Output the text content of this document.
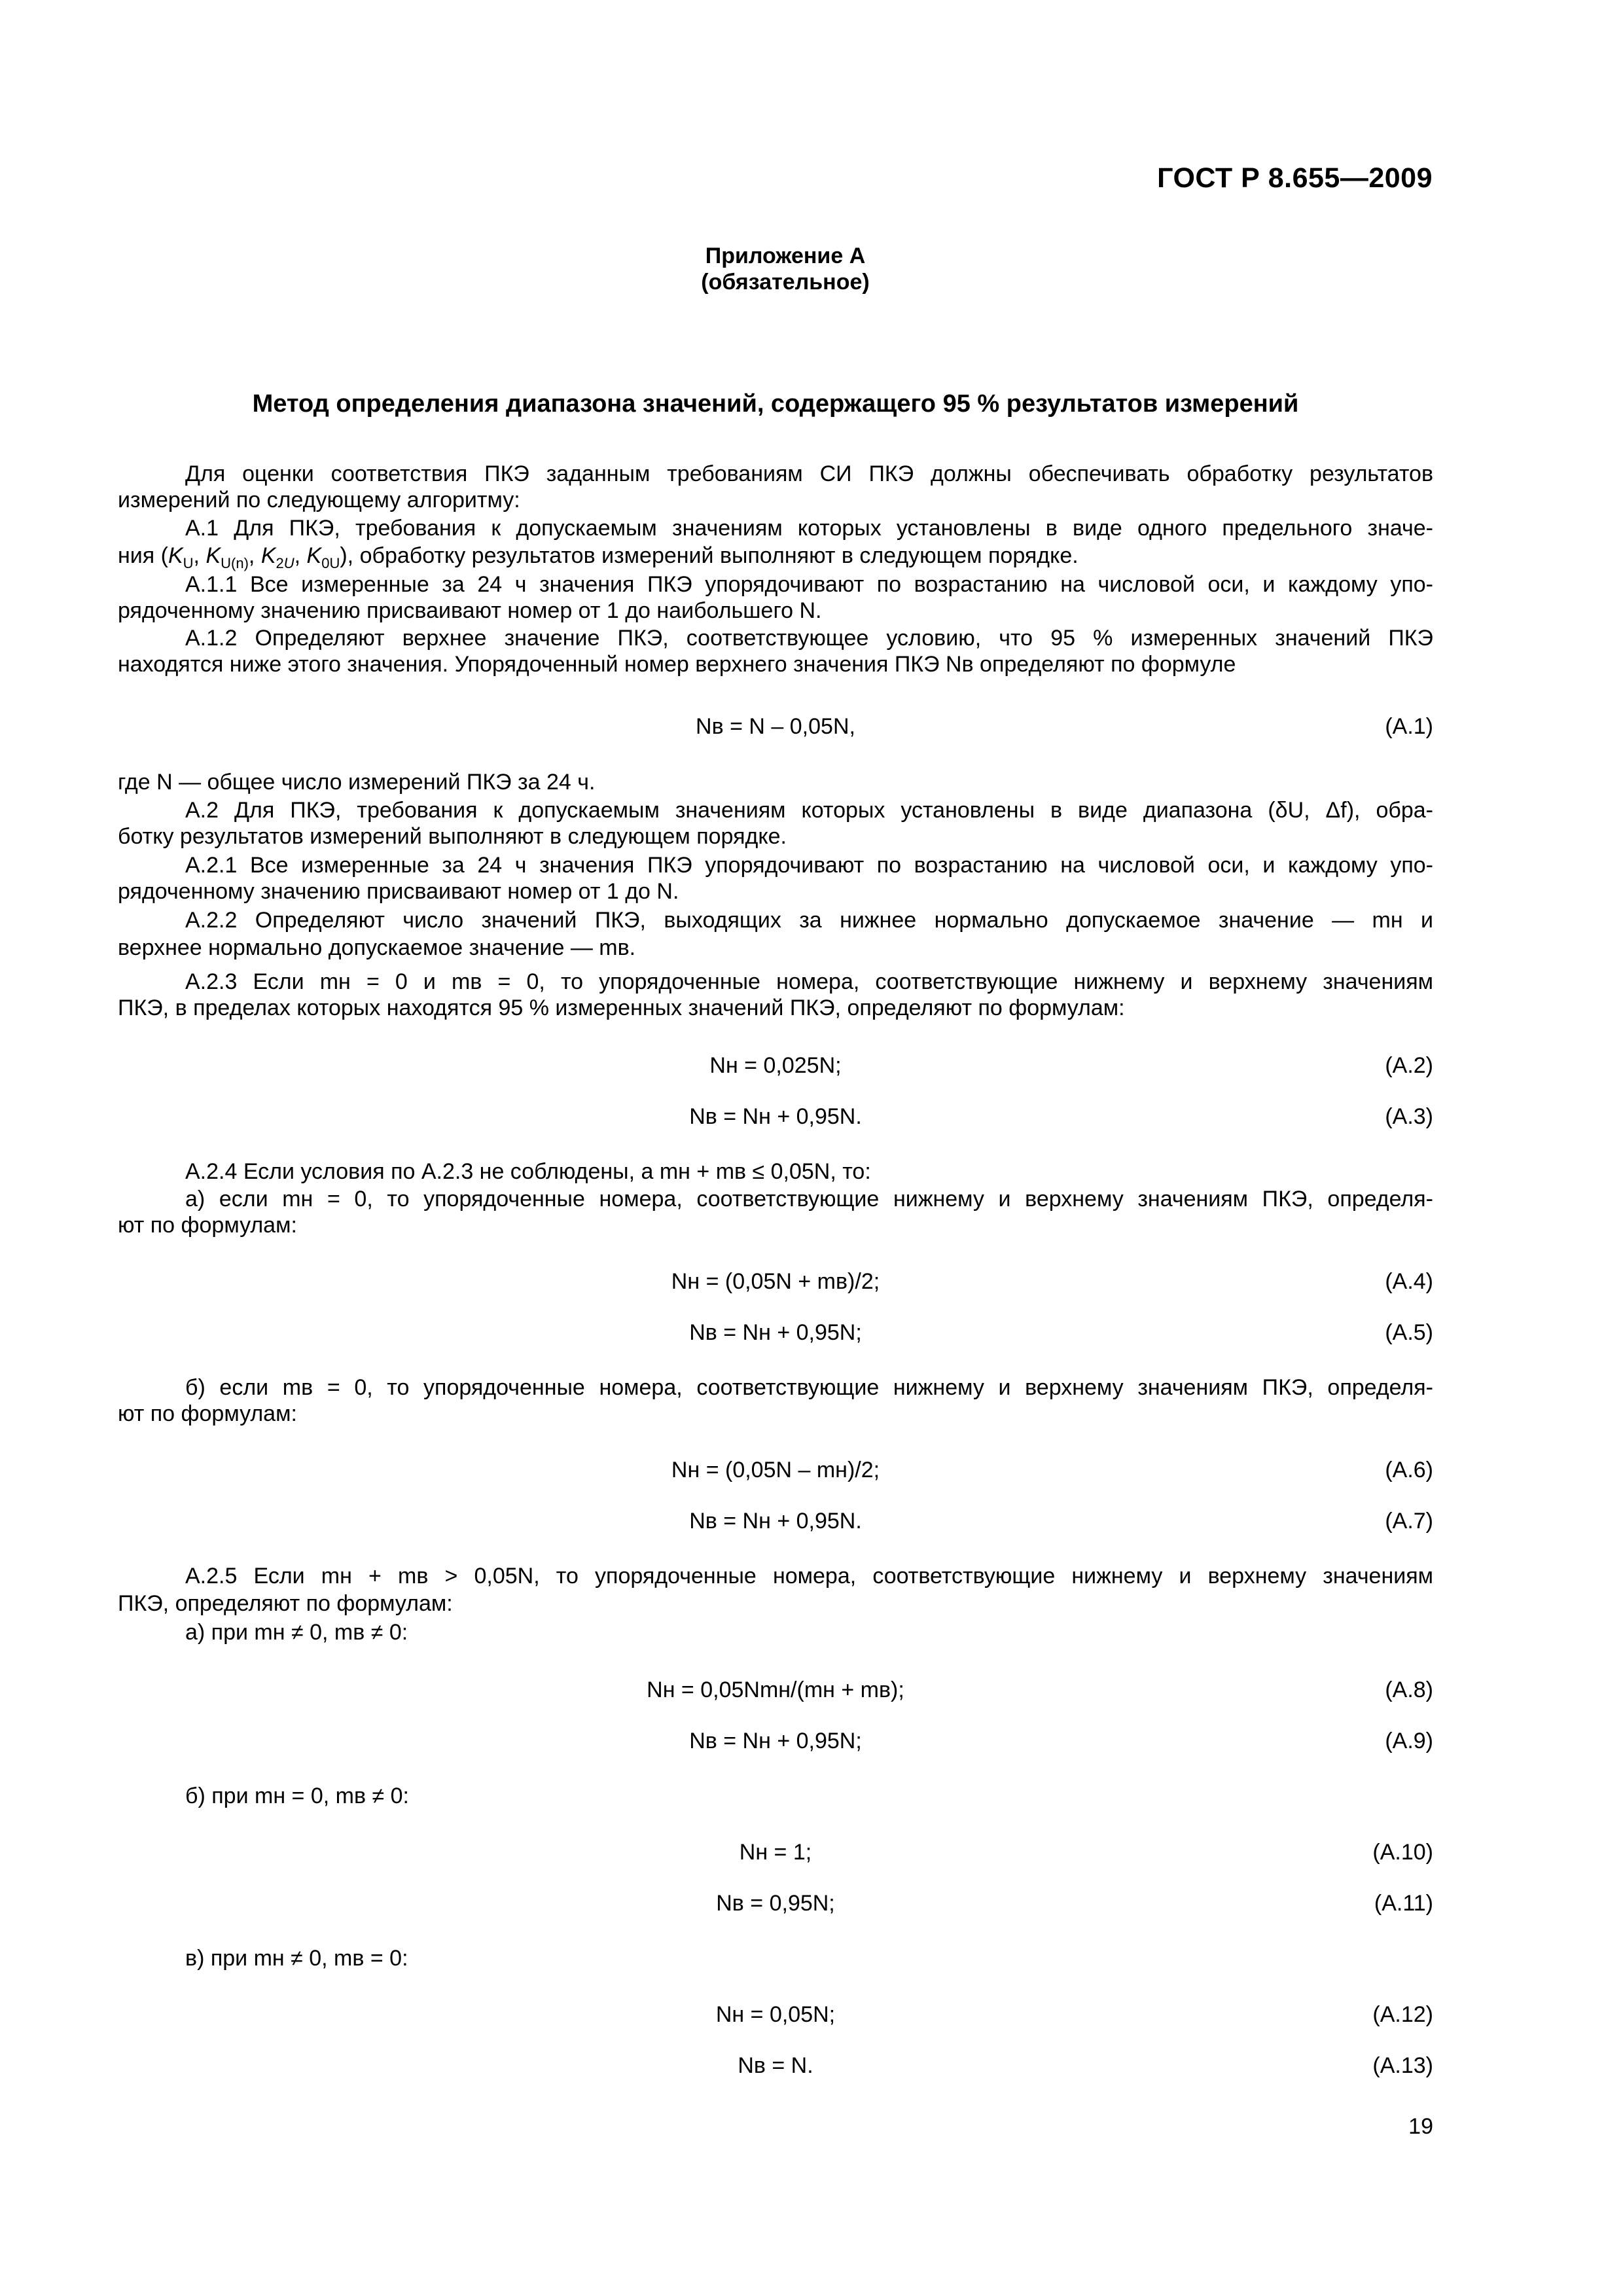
ГОСТ Р 8.655—2009
Приложение А
(обязательное)
Метод определения диапазона значений, содержащего 95 % результатов измерений
Для оценки соответствия ПКЭ заданным требованиям СИ ПКЭ должны обеспечивать обработку результатов
измерений по следующему алгоритму:
А.1 Для ПКЭ, требования к допускаемым значениям которых установлены в виде одного предельного значе-
ния ($K_U$, $K_{U(n)}$, $K_{2U}$, $K_{0U}$), обработку результатов измерений выполняют в следующем порядке.
А.1.1 Все измеренные за 24 ч значения ПКЭ упорядочивают по возрастанию на числовой оси, и каждому упо-
рядоченному значению присваивают номер от 1 до наибольшего N.
А.1.2 Определяют верхнее значение ПКЭ, соответствующее условию, что 95 % измеренных значений ПКЭ
находятся ниже этого значения. Упорядоченный номер верхнего значения ПКЭ Nв определяют по формуле
Nв = N – 0,05N,	(А.1)
где N — общее число измерений ПКЭ за 24 ч.
А.2 Для ПКЭ, требования к допускаемым значениям которых установлены в виде диапазона (δU, Δf), обра-
ботку результатов измерений выполняют в следующем порядке.
А.2.1 Все измеренные за 24 ч значения ПКЭ упорядочивают по возрастанию на числовой оси, и каждому упо-
рядоченному значению присваивают номер от 1 до N.
А.2.2 Определяют число значений ПКЭ, выходящих за нижнее нормально допускаемое значение — mн и
верхнее нормально допускаемое значение — mв.
А.2.3 Если mн = 0 и mв = 0, то упорядоченные номера, соответствующие нижнему и верхнему значениям
ПКЭ, в пределах которых находятся 95 % измеренных значений ПКЭ, определяют по формулам:
Nн = 0,025N;	(А.2)
Nв = Nн + 0,95N.	(А.3)
А.2.4 Если условия по А.2.3 не соблюдены, а mн + mв ≤ 0,05N, то:
а) если mн = 0, то упорядоченные номера, соответствующие нижнему и верхнему значениям ПКЭ, определя-
ют по формулам:
Nн = (0,05N + mв)/2;	(А.4)
Nв = Nн + 0,95N;	(А.5)
б) если mв = 0, то упорядоченные номера, соответствующие нижнему и верхнему значениям ПКЭ, определя-
ют по формулам:
Nн = (0,05N – mн)/2;	(А.6)
Nв = Nн + 0,95N.	(А.7)
А.2.5 Если mн + mв > 0,05N, то упорядоченные номера, соответствующие нижнему и верхнему значениям
ПКЭ, определяют по формулам:
а) при mн ≠ 0, mв ≠ 0:
Nн = 0,05Nmн/(mн + mв);	(А.8)
Nв = Nн + 0,95N;	(А.9)
б) при mн = 0, mв ≠ 0:
Nн = 1;	(А.10)
Nв = 0,95N;	(А.11)
в) при mн ≠ 0, mв = 0:
Nн = 0,05N;	(А.12)
Nв = N.	(А.13)
19
